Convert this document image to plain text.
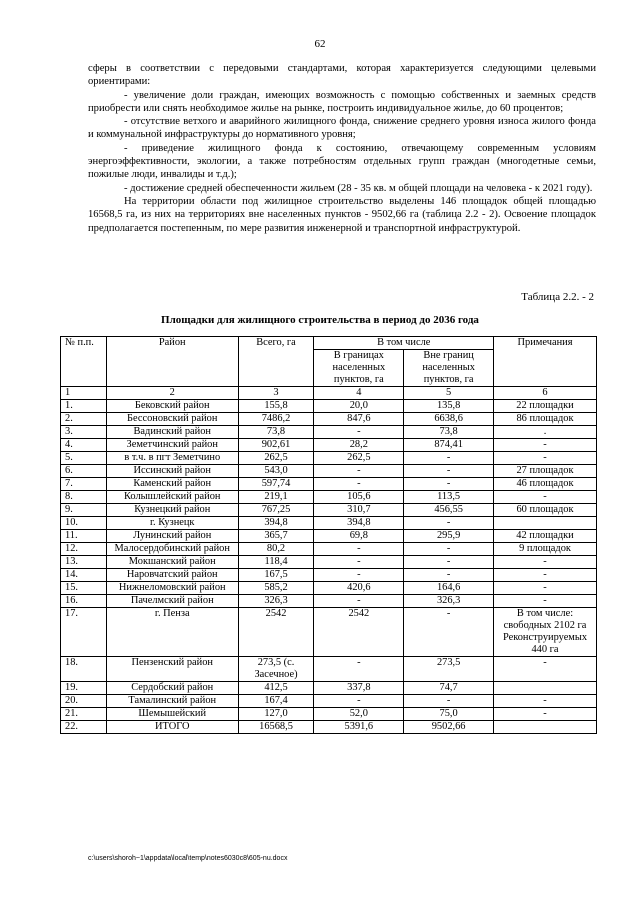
62

сферы в соответствии с передовыми стандартами, которая характеризуется следующими целевыми ориентирами:

- увеличение доли граждан, имеющих возможность с помощью собственных и заемных средств приобрести или снять необходимое жилье на рынке, построить индивидуальное жилье, до 60 процентов;

- отсутствие ветхого и аварийного жилищного фонда, снижение среднего уровня износа жилого фонда и коммунальной инфраструктуры до нормативного уровня;

- приведение жилищного фонда к состоянию, отвечающему современным условиям энергоэффективности, экологии, а также потребностям отдельных групп граждан (многодетные семьи, пожилые люди, инвалиды и т.д.);

- достижение средней обеспеченности жильем (28 - 35 кв. м общей площади на человека - к 2021 году).

На территории области под жилищное строительство выделены 146 площадок общей площадью 16568,5 га, из них на территориях вне населенных пунктов - 9502,66 га (таблица 2.2 - 2). Освоение площадок предполагается постепенным, по мере развития инженерной и транспортной инфраструктурой.

Таблица 2.2. - 2
Площадки для жилищного строительства в период до 2036 года
№ п.п.	Район	Всего, га	В том числе		Примечания
			В границах населенных пунктов, га	Вне границ населенных пунктов, га	
1	2	3	4	5	6
1.	Бековский район	155,8	20,0	135,8	22 площадки
2.	Бессоновский район	7486,2	847,6	6638,6	86 площадок
3.	Вадинский район	73,8	-	73,8	.
4.	Земетчинский район	902,61	28,2	874,41	-
5.	в т.ч. в пгт Земетчино	262,5	262,5	-	-
6.	Иссинский район	543,0	-	-	27 площадок
7.	Каменский район	597,74	-	-	46 площадок
8.	Колышлейский район	219,1	105,6	113,5	-
9.	Кузнецкий район	767,25	310,7	456,55	60 площадок
10.	г. Кузнецк	394,8	394,8	-	
11.	Лунинский район	365,7	69,8	295,9	42 площадки
12.	Малосердобинский район	80,2	-	-	9 площадок
13.	Мокшанский район	118,4	-	-	-
14.	Наровчатский район	167,5	-	-	-
15.	Нижнеломовский район	585,2	420,6	164,6	-
16.	Пачелмский район	326,3	-	326,3	-
17.	г. Пенза	2542	2542	-	В том числе: свободных 2102 га Реконструируемых 440 га
18.	Пензенский район	273,5 (с. Засечное)	-	273,5	-
19.	Сердобский район	412,5	337,8	74,7	
20.	Тамалинский район	167,4	-	-	-
21.	Шемышейский	127,0	52,0	75,0	-
22.	ИТОГО	16568,5	5391,6	9502,66	
c:\users\shoroh~1\appdata\local\temp\notes6030c8\605-nu.docx
